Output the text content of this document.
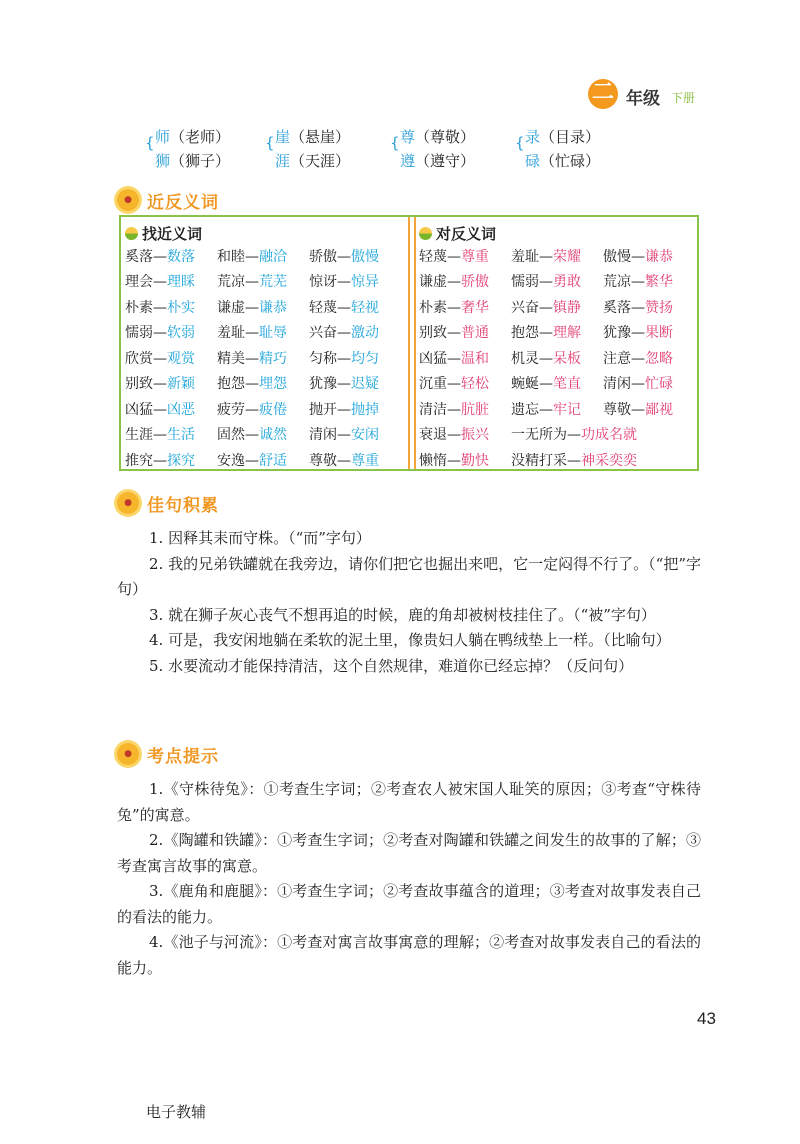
二 年级 下册
{ 师（老师）
狮（狮子）
{ 崖（悬崖）
涯（天涯）
{ 尊（尊敬）
遵（遵守）
{ 录（目录）
碌（忙碌）
● 近反义词
找近义词
奚落—数落	和睦—融洽	骄傲—傲慢
理会—理睬	荒凉—荒芜	惊讶—惊异
朴素—朴实	谦虚—谦恭	轻蔑—轻视
懦弱—软弱	羞耻—耻辱	兴奋—激动
欣赏—观赏	精美—精巧	匀称—均匀
别致—新颖	抱怨—埋怨	犹豫—迟疑
凶猛—凶恶	疲劳—疲倦	抛开—抛掉
生涯—生活	固然—诚然	清闲—安闲
推究—探究	安逸—舒适	尊敬—尊重
对反义词
轻蔑—尊重	羞耻—荣耀	傲慢—谦恭
谦虚—骄傲	懦弱—勇敢	荒凉—繁华
朴素—奢华	兴奋—镇静	奚落—赞扬
别致—普通	抱怨—理解	犹豫—果断
凶猛—温和	机灵—呆板	注意—忽略
沉重—轻松	蜿蜒—笔直	清闲—忙碌
清洁—肮脏	遗忘—牢记	尊敬—鄙视
衰退—振兴	一无所为—功成名就
懒惰—勤快	没精打采—神采奕奕
● 佳句积累

1. 因释其耒而守株。（“而”字句）

2. 我的兄弟铁罐就在我旁边，请你们把它也掘出来吧，它一定闷得不行了。（“把”字句）

3. 就在狮子灰心丧气不想再追的时候，鹿的角却被树枝挂住了。（“被”字句）

4. 可是，我安闲地躺在柔软的泥土里，像贵妇人躺在鸭绒垫上一样。（比喻句）

5. 水要流动才能保持清洁，这个自然规律，难道你已经忘掉？（反问句）

● 考点提示

1.《守株待兔》：①考查生字词；②考查农人被宋国人耻笑的原因；③考查“守株待兔”的寓意。

2.《陶罐和铁罐》：①考查生字词；②考查对陶罐和铁罐之间发生的故事的了解；③考查寓言故事的寓意。

3.《鹿角和鹿腿》：①考查生字词；②考查故事蕴含的道理；③考查对故事发表自己的看法的能力。

4.《池子与河流》：①考查对寓言故事寓意的理解；②考查对故事发表自己的看法的能力。

43
电子教辅
